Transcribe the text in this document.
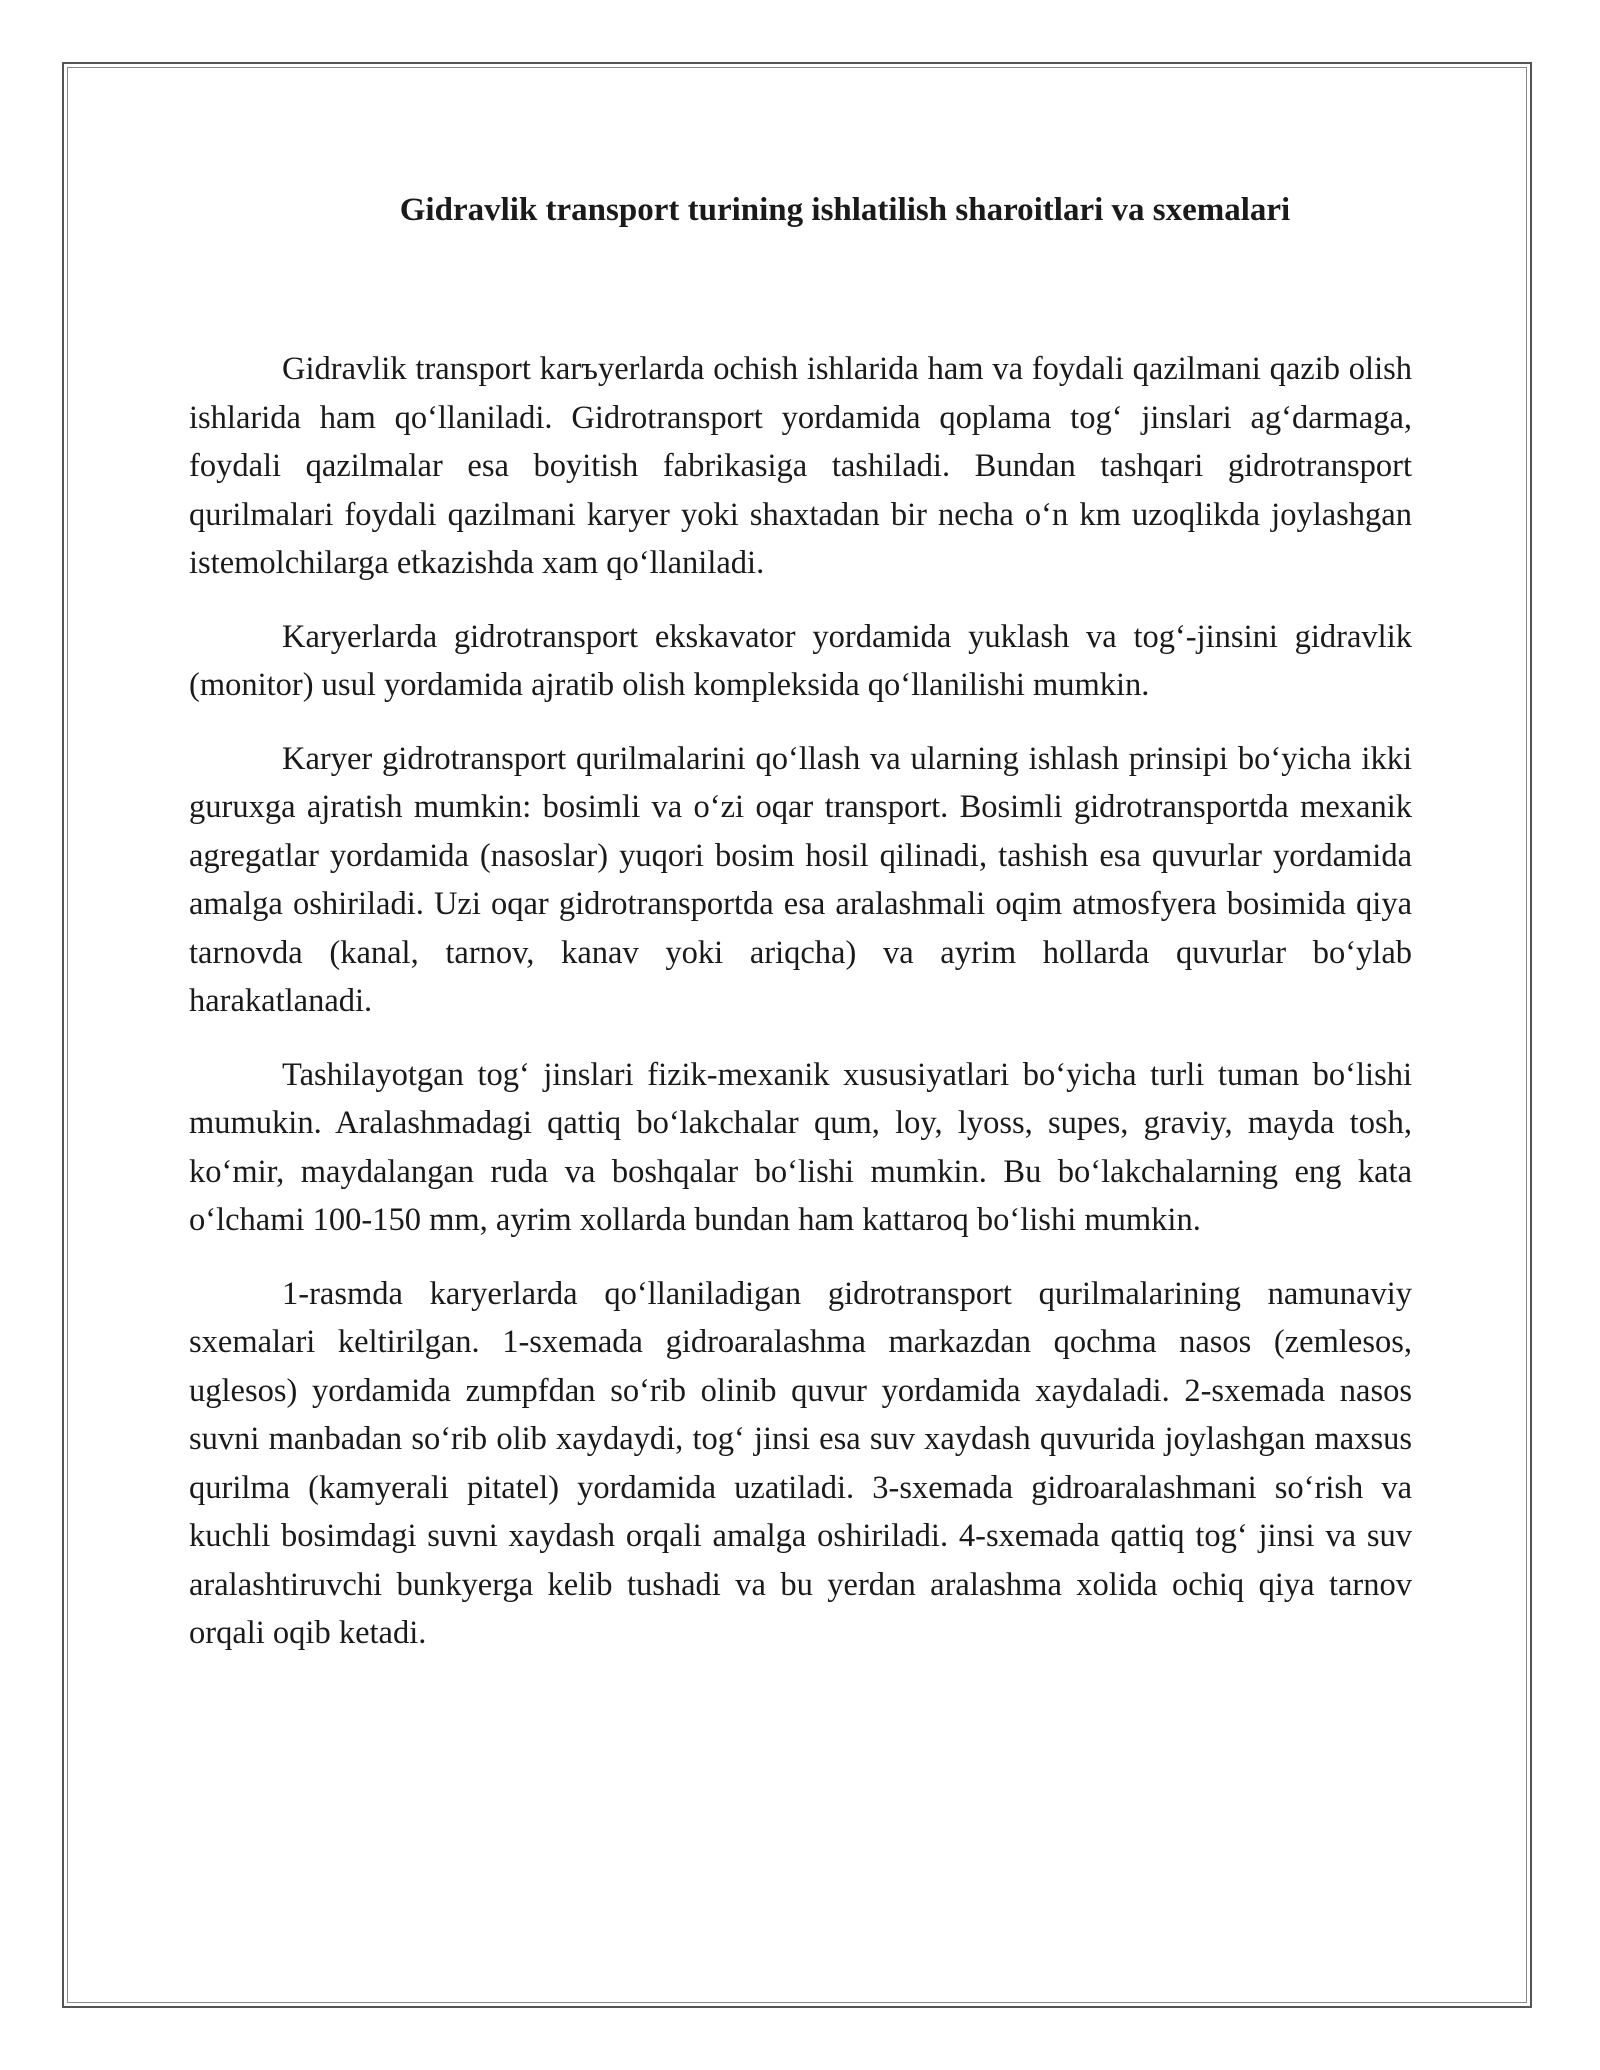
Gidravlik transport turining ishlatilish sharoitlari va sxemalari

Gidravlik transport karъyerlarda ochish ishlarida ham va foydali qazilmani qazib olish ishlarida ham qo‘llaniladi. Gidrotransport yordamida qoplama tog‘ jinslari ag‘darmaga, foydali qazilmalar esa boyitish fabrikasiga tashiladi. Bundan tashqari gidrotransport qurilmalari foydali qazilmani karyer yoki shaxtadan bir necha o‘n km uzoqlikda joylashgan istemolchilarga etkazishda xam qo‘llaniladi.

Karyerlarda gidrotransport ekskavator yordamida yuklash va tog‘-jinsini gidravlik (monitor) usul yordamida ajratib olish kompleksida qo‘llanilishi mumkin.

Karyer gidrotransport qurilmalarini qo‘llash va ularning ishlash prinsipi bo‘yicha ikki guruxga ajratish mumkin: bosimli va o‘zi oqar transport. Bosimli gidrotransportda mexanik agregatlar yordamida (nasoslar) yuqori bosim hosil qilinadi, tashish esa quvurlar yordamida amalga oshiriladi. Uzi oqar gidrotransportda esa aralashmali oqim atmosfyera bosimida qiya tarnovda (kanal, tarnov, kanav yoki ariqcha) va ayrim hollarda quvurlar bo‘ylab harakatlanadi.

Tashilayotgan tog‘ jinslari fizik-mexanik xususiyatlari bo‘yicha turli tuman bo‘lishi mumukin. Aralashmadagi qattiq bo‘lakchalar qum, loy, lyoss, supes, graviy, mayda tosh, ko‘mir, maydalangan ruda va boshqalar bo‘lishi mumkin. Bu bo‘lakchalarning eng kata o‘lchami 100-150 mm, ayrim xollarda bundan ham kattaroq bo‘lishi mumkin.

1-rasmda karyerlarda qo‘llaniladigan gidrotransport qurilmalarining namunaviy sxemalari keltirilgan. 1-sxemada gidroaralashma markazdan qochma nasos (zemlesos, uglesos) yordamida zumpfdan so‘rib olinib quvur yordamida xaydaladi. 2-sxemada nasos suvni manbadan so‘rib olib xaydaydi, tog‘ jinsi esa suv xaydash quvurida joylashgan maxsus qurilma (kamyerali pitatel) yordamida uzatiladi. 3-sxemada gidroaralashmani so‘rish va kuchli bosimdagi suvni xaydash orqali amalga oshiriladi. 4-sxemada qattiq tog‘ jinsi va suv aralashtiruvchi bunkyerga kelib tushadi va bu yerdan aralashma xolida ochiq qiya tarnov orqali oqib ketadi.
